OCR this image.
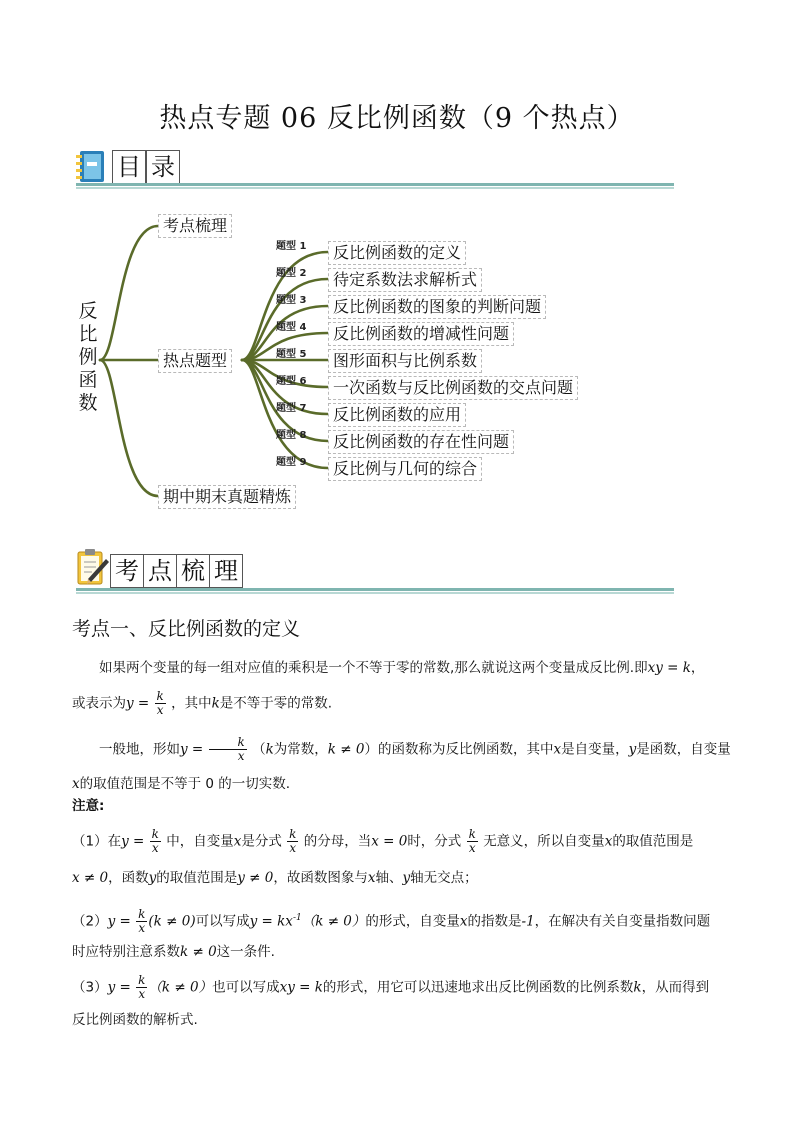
热点专题 06 反比例函数（9 个热点）
目 录
反
比
例
函
数
考点梳理
热点题型
期中期末真题精炼
题型 1
题型 2
题型 3
题型 4
题型 5
题型 6
题型 7
题型 8
题型 9
反比例函数的定义
待定系数法求解析式
反比例函数的图象的判断问题
反比例函数的增减性问题
图形面积与比例系数
一次函数与反比例函数的交点问题
反比例函数的应用
反比例函数的存在性问题
反比例与几何的综合
考 点 梳 理
考点一、反比例函数的定义
如果两个变量的每一组对应值的乘积是一个不等于零的常数,那么就说这两个变量成反比例.即xy = k，
或表示为$y = \frac{k}{x}$ ，其中k是不等于零的常数.
一般地，形如$y = \frac{k}{x} (k$为常数，k ≠ 0）的函数称为反比例函数，其中x是自变量，y是函数，自变量
x的取值范围是不等于 0 的一切实数.
注意:
（1）在$y = \frac{k}{x}$ 中，自变量x是分式 $\frac{k}{x}$ 的分母，当x = 0时，分式 $\frac{k}{x}$ 无意义，所以自变量x的取值范围是
x ≠ 0，函数y的取值范围是y ≠ 0，故函数图象与x轴、y轴无交点；
$(2)y = \frac{k}{x} (k \ne 0)$可以写成$y = kx^{-1}(k \ne 0)$的形式，自变量x的指数是-1，在解决有关自变量指数问题
时应特别注意系数k ≠ 0这一条件.
$(3)y = \frac{k}{x} (k \ne 0)$也可以写成xy = k的形式，用它可以迅速地求出反比例函数的比例系数k，从而得到
反比例函数的解析式.
